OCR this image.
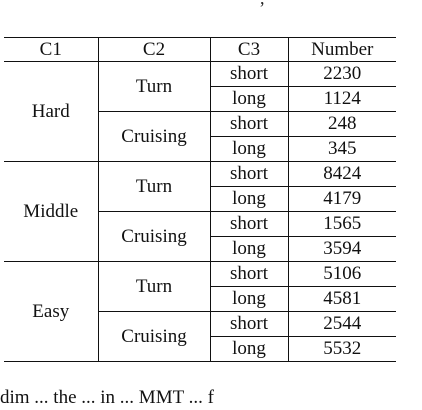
C1	C2	C3	Number
Hard	Turn	short	2230
		long	1124
	Cruising	short	248
		long	345
Middle	Turn	short	8424
		long	4179
	Cruising	short	1565
		long	3594
Easy	Turn	short	5106
		long	4581
	Cruising	short	2544
		long	5532
dim ... the ... in ... MMT ... f
